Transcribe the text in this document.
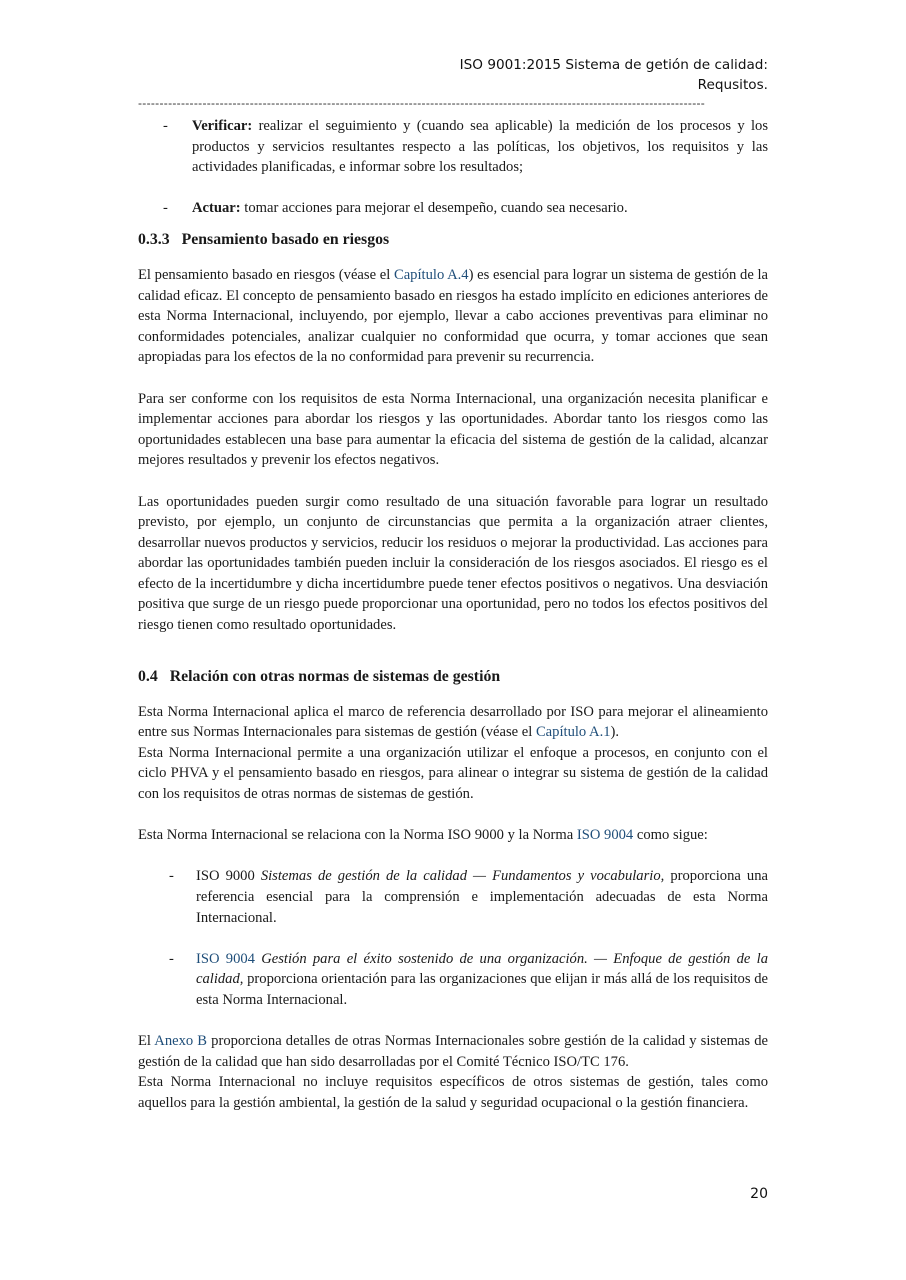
ISO 9001:2015 Sistema de getión de calidad:
Requsitos.
------------------------------------------------------------------------------------------------------------------------------------
- Verificar: realizar el seguimiento y (cuando sea aplicable) la medición de los procesos y los productos y servicios resultantes respecto a las políticas, los objetivos, los requisitos y las actividades planificadas, e informar sobre los resultados;
- Actuar: tomar acciones para mejorar el desempeño, cuando sea necesario.
0.3.3 Pensamiento basado en riesgos

El pensamiento basado en riesgos (véase el Capítulo A.4) es esencial para lograr un sistema de gestión de la calidad eficaz. El concepto de pensamiento basado en riesgos ha estado implícito en ediciones anteriores de esta Norma Internacional, incluyendo, por ejemplo, llevar a cabo acciones preventivas para eliminar no conformidades potenciales, analizar cualquier no conformidad que ocurra, y tomar acciones que sean apropiadas para los efectos de la no conformidad para prevenir su recurrencia.

Para ser conforme con los requisitos de esta Norma Internacional, una organización necesita planificar e implementar acciones para abordar los riesgos y las oportunidades. Abordar tanto los riesgos como las oportunidades establecen una base para aumentar la eficacia del sistema de gestión de la calidad, alcanzar mejores resultados y prevenir los efectos negativos.

Las oportunidades pueden surgir como resultado de una situación favorable para lograr un resultado previsto, por ejemplo, un conjunto de circunstancias que permita a la organización atraer clientes, desarrollar nuevos productos y servicios, reducir los residuos o mejorar la productividad. Las acciones para abordar las oportunidades también pueden incluir la consideración de los riesgos asociados. El riesgo es el efecto de la incertidumbre y dicha incertidumbre puede tener efectos positivos o negativos. Una desviación positiva que surge de un riesgo puede proporcionar una oportunidad, pero no todos los efectos positivos del riesgo tienen como resultado oportunidades.

0.4 Relación con otras normas de sistemas de gestión

Esta Norma Internacional aplica el marco de referencia desarrollado por ISO para mejorar el alineamiento entre sus Normas Internacionales para sistemas de gestión (véase el Capítulo A.1).

Esta Norma Internacional permite a una organización utilizar el enfoque a procesos, en conjunto con el ciclo PHVA y el pensamiento basado en riesgos, para alinear o integrar su sistema de gestión de la calidad con los requisitos de otras normas de sistemas de gestión.

Esta Norma Internacional se relaciona con la Norma ISO 9000 y la Norma ISO 9004 como sigue:

- ISO 9000 Sistemas de gestión de la calidad — Fundamentos y vocabulario, proporciona una referencia esencial para la comprensión e implementación adecuadas de esta Norma Internacional.
- ISO 9004 Gestión para el éxito sostenido de una organización. — Enfoque de gestión de la calidad, proporciona orientación para las organizaciones que elijan ir más allá de los requisitos de esta Norma Internacional.

El Anexo B proporciona detalles de otras Normas Internacionales sobre gestión de la calidad y sistemas de gestión de la calidad que han sido desarrolladas por el Comité Técnico ISO/TC 176.

Esta Norma Internacional no incluye requisitos específicos de otros sistemas de gestión, tales como aquellos para la gestión ambiental, la gestión de la salud y seguridad ocupacional o la gestión financiera.

20
